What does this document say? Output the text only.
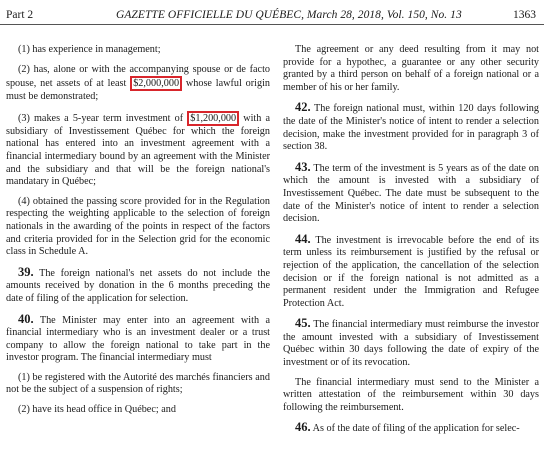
Part 2	GAZETTE OFFICIELLE DU QUÉBEC, March 28, 2018, Vol. 150, No. 13	1363

(1) has experience in management;

(2) has, alone or with the accompanying spouse or de facto spouse, net assets of at least $2,000,000 whose lawful origin must be demonstrated;

(3) makes a 5-year term investment of $1,200,000 with a subsidiary of Investissement Québec for which the foreign national has entered into an investment agreement with a financial intermediary bound by an agreement with the Minister and the subsidiary and that will be the foreign national's mandatary in Québec;

(4) obtained the passing score provided for in the Regulation respecting the weighting applicable to the selection of foreign nationals in the awarding of the points in respect of the factors and criteria provided for in the Selection grid for the economic class in Schedule A.

39. The foreign national's net assets do not include the amounts received by donation in the 6 months preceding the date of filing of the application for selection.

40. The Minister may enter into an agreement with a financial intermediary who is an investment dealer or a trust company to allow the foreign national to take part in the investor program. The financial intermediary must

(1) be registered with the Autorité des marchés financiers and not be the subject of a suspension of rights;

(2) have its head office in Québec; and

The agreement or any deed resulting from it may not provide for a hypothec, a guarantee or any other security granted by a third person on behalf of a foreign national or a member of his or her family.

42. The foreign national must, within 120 days following the date of the Minister's notice of intent to render a selection decision, make the investment provided for in paragraph 3 of section 38.

43. The term of the investment is 5 years as of the date on which the amount is invested with a subsidiary of Investissement Québec. The date must be subsequent to the date of the Minister's notice of intent to render a selection decision.

44. The investment is irrevocable before the end of its term unless its reimbursement is justified by the refusal or rejection of the application, the cancellation of the selection decision or if the foreign national is not admitted as a permanent resident under the Immigration and Refugee Protection Act.

45. The financial intermediary must reimburse the investor the amount invested with a subsidiary of Investissement Québec within 30 days following the date of expiry of the investment or of its revocation.

The financial intermediary must send to the Minister a written attestation of the reimbursement within 30 days following the reimbursement.

46. As of the date of filing of the application for selec-
